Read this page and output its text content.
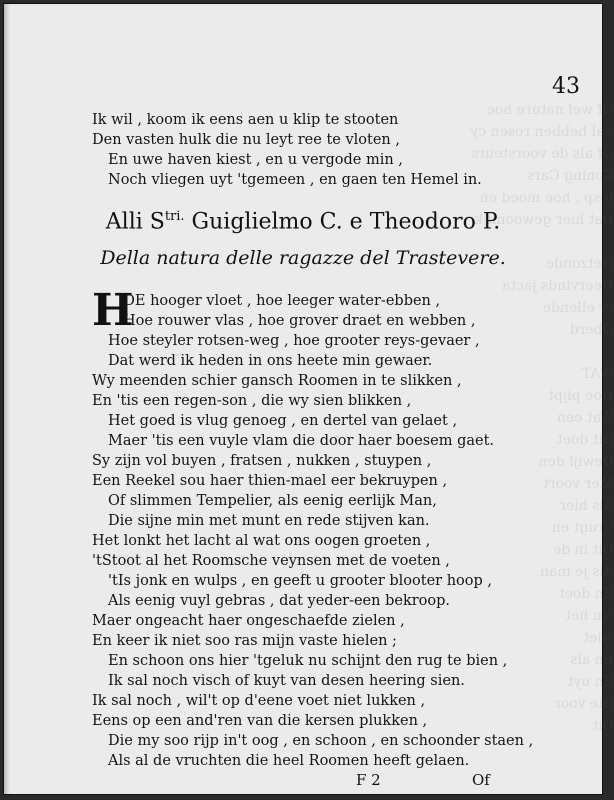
Of wel nature hoe
Sal hebben rosen cy
Of als de voorsteurs
Koning Cars
Jesp , hoe moed en
Dat hier gewoonlijk

Hetzonde
Heervinds jacta
er ellende
Oberd

WAT
Hoe pijpt
Wat een
Dit doet
Dewijl den
Mer voort
Als hier
Vrugt en
Dit in de
Als je man
En doet
Nu het
Niet
En als
En uyt
Die voor
Dit
43
Ik wil , koom ik eens aen u klip te stooten
Den vasten hulk die nu leyt ree te vloten ,
En uwe haven kiest , en u vergode min ,
Noch vliegen uyt 'tgemeen , en gaen ten Hemel in.
Alli $S^{tri.}$ Guiglielmo C. e Theodoro P.
Della natura delle ragazze del Trastevere.
H
OE hooger vloet , hoe leeger water-ebben ,
Hoe rouwer vlas , hoe grover draet en webben ,
Hoe steyler rotsen-weg , hoe grooter reys-gevaer ,
Dat werd ik heden in ons heete min gewaer.
Wy meenden schier gansch Roomen in te slikken ,
En 'tis een regen-son , die wy sien blikken ,
Het goed is vlug genoeg , en dertel van gelaet ,
Maer 'tis een vuyle vlam die door haer boesem gaet.
Sy zijn vol buyen , fratsen , nukken , stuypen ,
Een Reekel sou haer thien-mael eer bekruypen ,
Of slimmen Tempelier, als eenig eerlijk Man,
Die sijne min met munt en rede stijven kan.
Het lonkt het lacht al wat ons oogen groeten ,
'tStoot al het Roomsche veynsen met de voeten ,
'tIs jonk en wulps , en geeft u grooter blooter hoop ,
Als eenig vuyl gebras , dat yeder-een bekroop.
Maer ongeacht haer ongeschaefde zielen ,
En keer ik niet soo ras mijn vaste hielen ;
En schoon ons hier 'tgeluk nu schijnt den rug te bien ,
Ik sal noch visch of kuyt van desen heering sien.
Ik sal noch , wil't op d'eene voet niet lukken ,
Eens op een and'ren van die kersen plukken ,
Die my soo rijp in't oog , en schoon , en schoonder staen ,
Als al de vruchten die heel Roomen heeft gelaen.
F 2	Of
